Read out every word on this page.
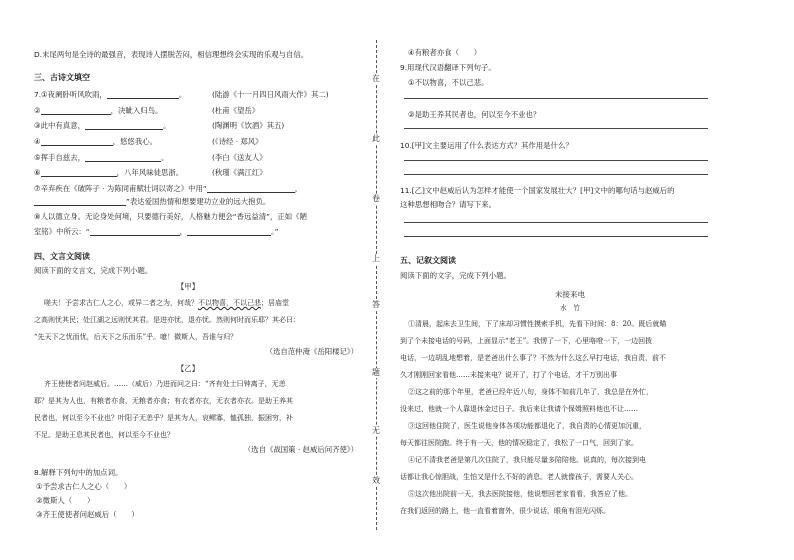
D.末尾两句是全诗的最强音，表现诗人摆脱苦闷，相信理想终会实现的乐观与自信。
三、古诗文填空
7.①夜阑卧听风吹雨，	。	(陆游《十一月四日风雨大作》其二)
②	，决眦入归鸟。	(杜甫《望岳》
③此中有真意，	。	(陶渊明《饮酒》其五)
④	，悠悠我心。	(《诗经 · 郑风》
⑤挥手自兹去，	。	(李白《送友人》
⑥	，八年风味徒思浙。	(秋瑾《满江红》
⑦辛弃疾在《破阵子 · 为陈同甫赋壮词以寄之》中用“	，
”表达爱国热情和想要建功立业的远大抱负。
⑧人以德立身。无论身处何境，只要德行美好，人格魅力便会“香远益清”，正如《陋
室铭》中所云：“	，	。”
四、文言文阅读
阅读下面的文言文，完成下列小题。
【甲】
嗟夫！予尝求古仁人之心，或异二者之为，何哉？不以物喜，不以己悲；居庙堂
之高则忧其民；处江湖之远则忧其君。是进亦忧，退亦忧。然则何时而乐耶？其必曰：
“先天下之忧而忧，后天下之乐而乐”乎。噫！微斯人，吾谁与归？
（选自范仲淹《岳阳楼记》）
【乙】
齐王使使者问赵威后。……（威后）乃进而问之曰：“齐有处士曰钟离子，无恙
耶？是其为人也，有粮者亦食，无粮者亦食；有衣者亦衣，无衣者亦衣。是助王养其
民者也，何以至今不业也？叶阳子无恙乎？是其为人，哀鳏寡，恤孤独，振困穷，补
不足。是助王息其民者也，何以至今不业也？
（选自《战国策 · 赵威后问齐使》）
8.解释下列句中的加点词。
①予尝求古仁人之心（　　）
②微斯人（　　）
③齐王使使者问赵威后（　　）
在
此
卷
上
答
题
无
效
④有粮者亦食（　　）
9.用现代汉语翻译下列句子。
①不以物喜，不以己悲。
②是助王养其民者也，何以至今不业也？
10.[甲]文主要运用了什么表达方式？其作用是什么？
11.[乙]文中赵威后认为怎样才能使一个国家发展壮大？[甲]文中的哪句话与赵威后的
这种思想相吻合？请写下来。
五、记叙文阅读
阅读下面的文字，完成下列小题。
未接来电
水　竹
①清晨，起床去卫生间，下了床却习惯性摸索手机，先看下时间：8：20。既后就瞄
到了个未接电话的号码，上面显示“老王”。我愣了一下，心里咯噔一下，一边回拨
电话，一边胡乱地想着，是老爸出什么事了？不然为什么这么早打电话，我自责，前不
久才刚刚回家看他……未接来电？说开了，打了个电话，才干万别出事
②这之前的那个年里，老爸已经年近八旬，身体不如前几年了，我总是在外忙，
没来过，他就一个人靠退休金过日子。我后来让我请个保姆照料他也不让……
③这回他住院了，医生说他身体各项功能都退化了，我自责的心情更加沉重，
每天都往医院跑。终于有一天，他的情况稳定了，我松了一口气，回到了家。
④记不清我老爸是第几次住院了，我只能尽量多陪陪他。说真的，每次接到电
话都让我心惊胆战，生怕又是什么不好的消息。老人就像孩子，需要人关心。
⑤这次他出院前一天，我去医院接他，他说想回老家看看，我答应了他。
在我们返回的路上，他一直看着窗外，很少说话，眼角有泪光闪烁。
